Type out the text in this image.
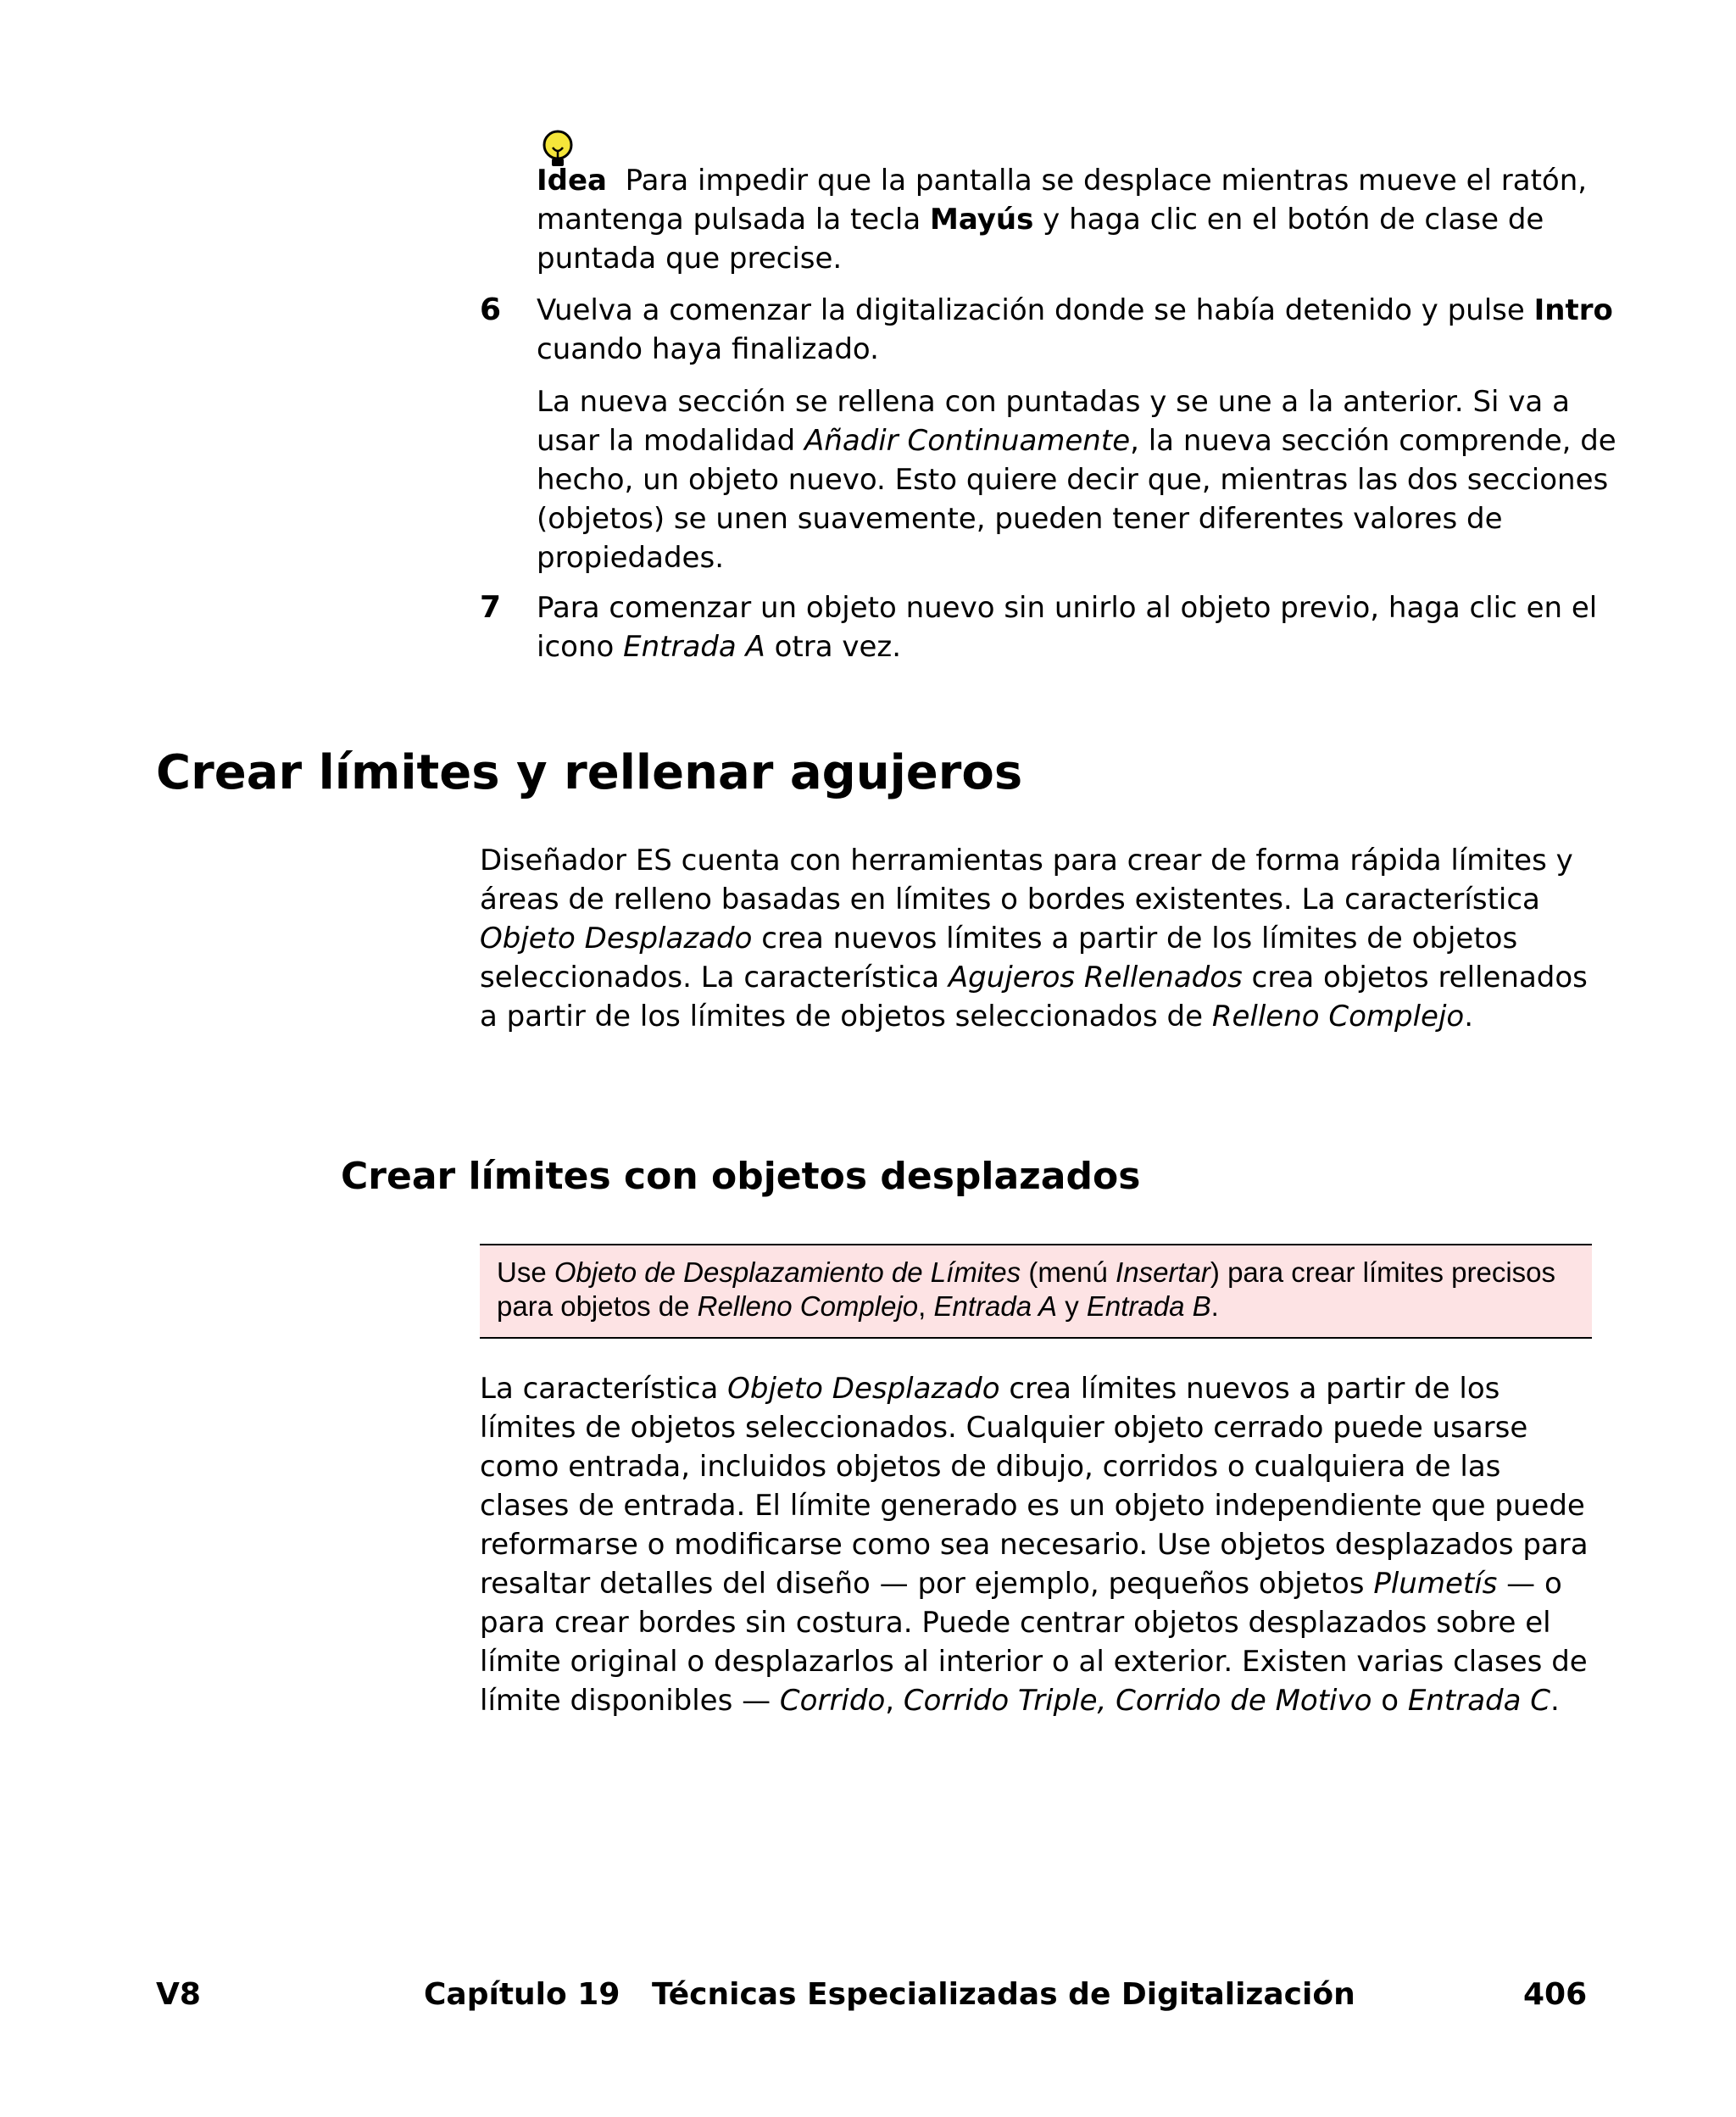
Idea Para impedir que la pantalla se desplace mientras mueve el ratón, mantenga pulsada la tecla Mayús y haga clic en el botón de clase de puntada que precise.

6 Vuelva a comenzar la digitalización donde se había detenido y pulse Intro cuando haya finalizado.

La nueva sección se rellena con puntadas y se une a la anterior. Si va a usar la modalidad Añadir Continuamente, la nueva sección comprende, de hecho, un objeto nuevo. Esto quiere decir que, mientras las dos secciones (objetos) se unen suavemente, pueden tener diferentes valores de propiedades.

7 Para comenzar un objeto nuevo sin unirlo al objeto previo, haga clic en el icono Entrada A otra vez.

Crear límites y rellenar agujeros

Diseñador ES cuenta con herramientas para crear de forma rápida límites y áreas de relleno basadas en límites o bordes existentes. La característica Objeto Desplazado crea nuevos límites a partir de los límites de objetos seleccionados. La característica Agujeros Rellenados crea objetos rellenados a partir de los límites de objetos seleccionados de Relleno Complejo.

Crear límites con objetos desplazados

Use Objeto de Desplazamiento de Límites (menú Insertar) para crear límites precisos para objetos de Relleno Complejo, Entrada A y Entrada B.

La característica Objeto Desplazado crea límites nuevos a partir de los límites de objetos seleccionados. Cualquier objeto cerrado puede usarse como entrada, incluidos objetos de dibujo, corridos o cualquiera de las clases de entrada. El límite generado es un objeto independiente que puede reformarse o modificarse como sea necesario. Use objetos desplazados para resaltar detalles del diseño — por ejemplo, pequeños objetos Plumetís — o para crear bordes sin costura. Puede centrar objetos desplazados sobre el límite original o desplazarlos al interior o al exterior. Existen varias clases de límite disponibles — Corrido, Corrido Triple, Corrido de Motivo o Entrada C.

V8	Capítulo 19   Técnicas Especializadas de Digitalización	406
